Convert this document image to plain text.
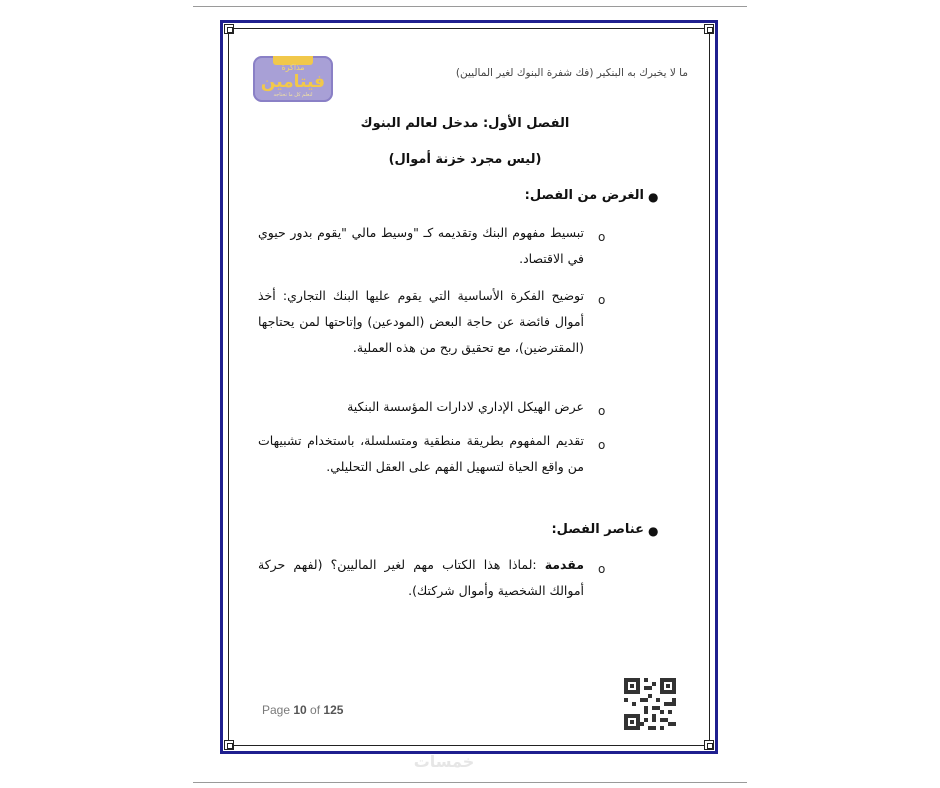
مذاكرة
فيتامين
لتعلم كل ما تحتاجه
ما لا يخبرك به البنكير (فك شفرة البنوك لغير الماليين)
الفصل الأول: مدخل لعالم البنوك
(ليس مجرد خزنة أموال)
●
الغرض من الفصل:
o
تبسيط مفهوم البنك وتقديمه كـ "وسيط مالي "يقوم بدور حيوي في الاقتصاد.
o
توضيح الفكرة الأساسية التي يقوم عليها البنك التجاري: أخذ أموال فائضة عن حاجة البعض (المودعين) وإتاحتها لمن يحتاجها (المقترضين)، مع تحقيق ربح من هذه العملية.
o
عرض الهيكل الإداري لادارات المؤسسة البنكية
o
تقديم المفهوم بطريقة منطقية ومتسلسلة، باستخدام تشبيهات من واقع الحياة لتسهيل الفهم على العقل التحليلي.
●
عناصر الفصل:
o
مقدمة :لماذا هذا الكتاب مهم لغير الماليين؟ (لفهم حركة أموالك الشخصية وأموال شركتك).
Page 10 of 125
خمسات
